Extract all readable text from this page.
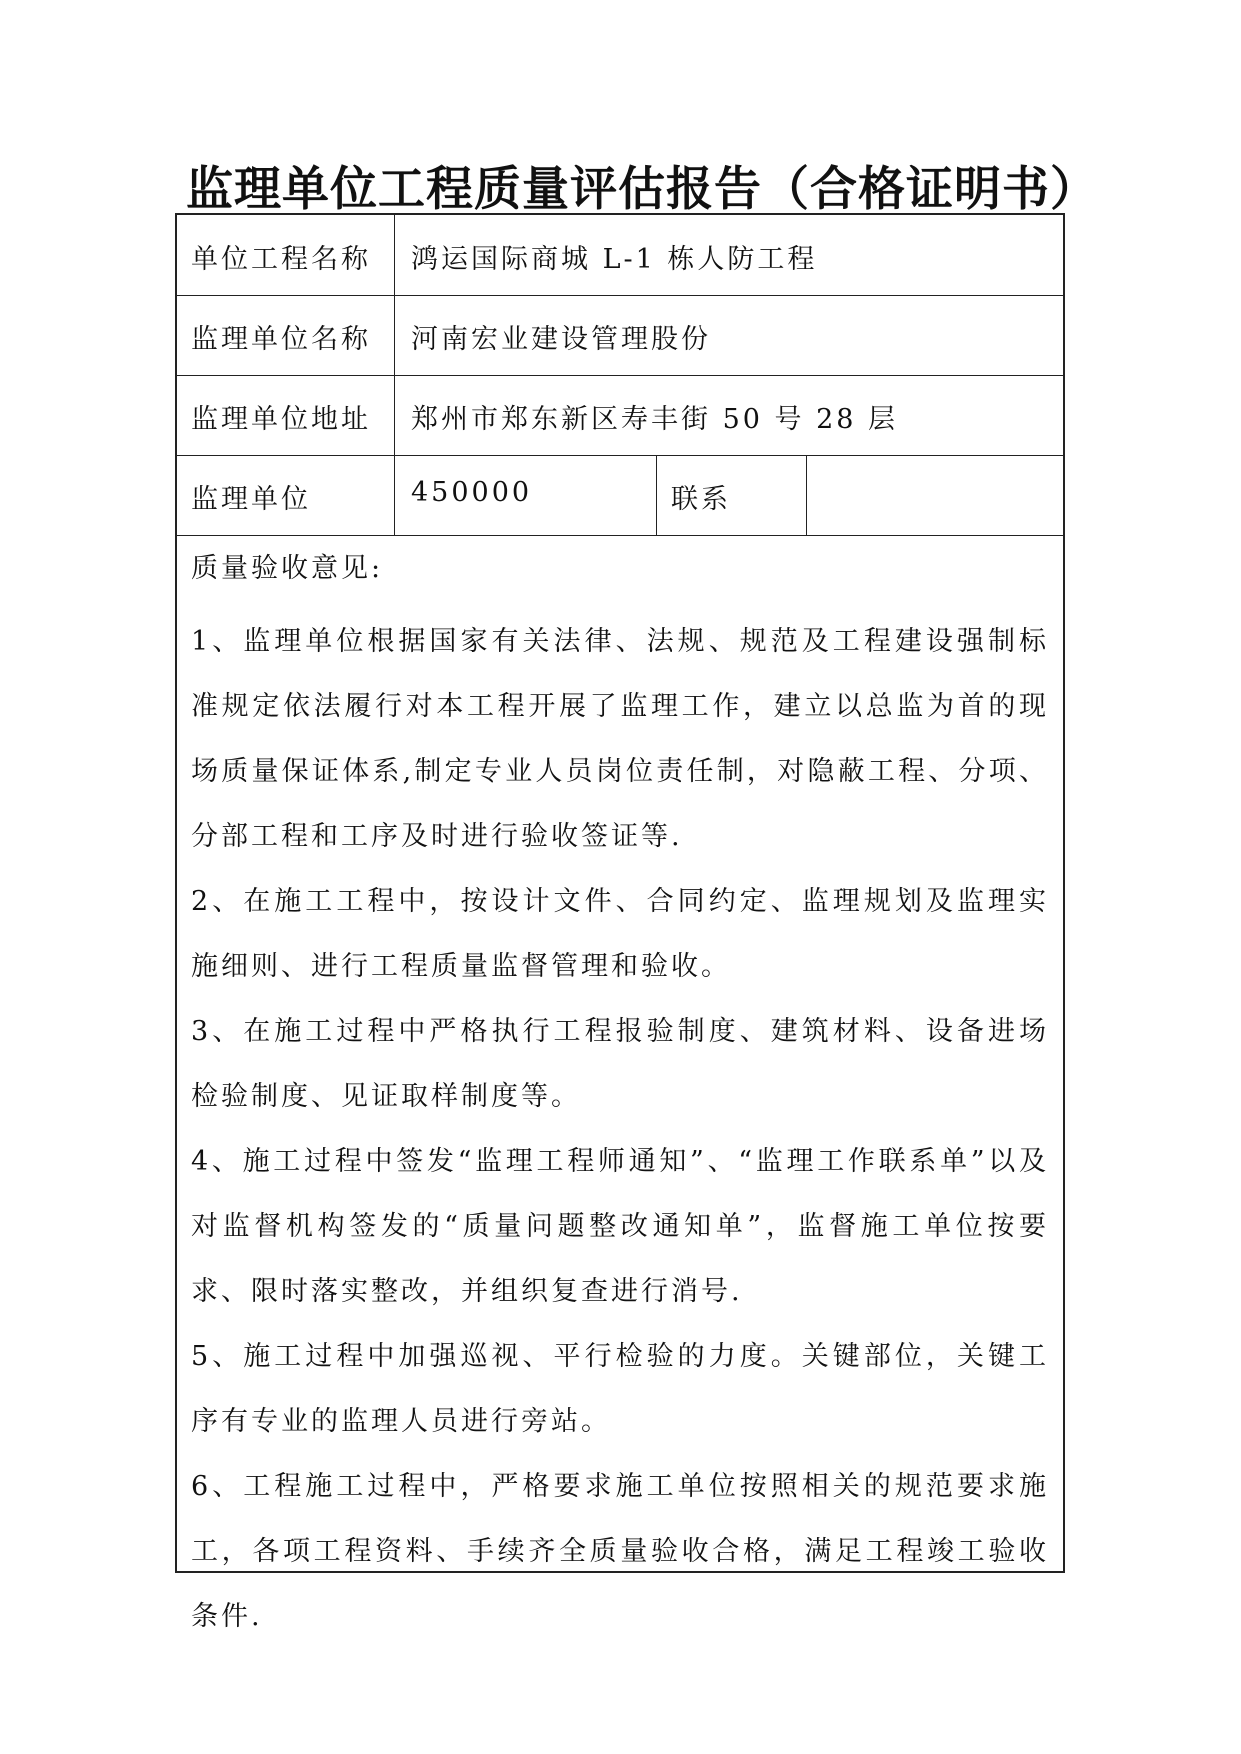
监理单位工程质量评估报告（合格证明书）
单位工程名称 鸿运国际商城 L-1 栋人防工程
监理单位名称 河南宏业建设管理股份
监理单位地址 郑州市郑东新区寿丰街 50 号 28 层
监理单位	450000	联系
质量验收意见:

1、监理单位根据国家有关法律、法规、规范及工程建设强制标准规定依法履行对本工程开展了监理工作，建立以总监为首的现场质量保证体系,制定专业人员岗位责任制，对隐蔽工程、分项、分部工程和工序及时进行验收签证等.

2、在施工工程中，按设计文件、合同约定、监理规划及监理实施细则、进行工程质量监督管理和验收。

3、在施工过程中严格执行工程报验制度、建筑材料、设备进场检验制度、见证取样制度等。

4、施工过程中签发“监理工程师通知”、“监理工作联系单”以及对监督机构签发的“质量问题整改通知单”，监督施工单位按要求、限时落实整改，并组织复查进行消号.

5、施工过程中加强巡视、平行检验的力度。关键部位，关键工序有专业的监理人员进行旁站。

6、工程施工过程中，严格要求施工单位按照相关的规范要求施工，各项工程资料、手续齐全质量验收合格，满足工程竣工验收条件.
